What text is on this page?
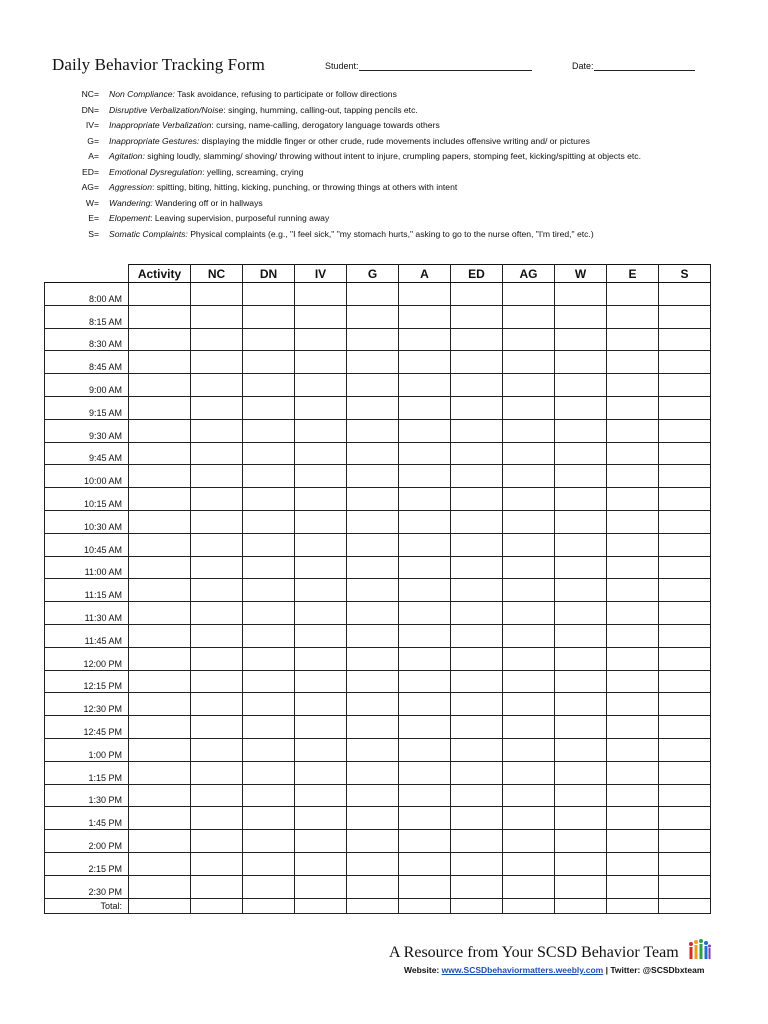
Daily Behavior Tracking Form	Student:	Date:
NC=	Non Compliance: Task avoidance, refusing to participate or follow directions
DN=	Disruptive Verbalization/Noise: singing, humming, calling-out, tapping pencils etc.
IV=	Inappropriate Verbalization: cursing, name-calling, derogatory language towards others
G=	Inappropriate Gestures: displaying the middle finger or other crude, rude movements includes offensive writing and/ or pictures
A=	Agitation: sighing loudly, slamming/ shoving/ throwing without intent to injure, crumpling papers, stomping feet, kicking/spitting at objects etc.
ED=	Emotional Dysregulation: yelling, screaming, crying
AG=	Aggression: spitting, biting, hitting, kicking, punching, or throwing things at others with intent
W=	Wandering: Wandering off or in hallways
E=	Elopement: Leaving supervision, purposeful running away
S=	Somatic Complaints: Physical complaints (e.g., "I feel sick," "my stomach hurts," asking to go to the nurse often, "I'm tired," etc.)
	Activity	NC	DN	IV	G	A	ED	AG	W	E	S
8:00 AM											
8:15 AM											
8:30 AM											
8:45 AM											
9:00 AM											
9:15 AM											
9:30 AM											
9:45 AM											
10:00 AM											
10:15 AM											
10:30 AM											
10:45 AM											
11:00 AM											
11:15 AM											
11:30 AM											
11:45 AM											
12:00 PM											
12:15 PM											
12:30 PM											
12:45 PM											
1:00 PM											
1:15 PM											
1:30 PM											
1:45 PM											
2:00 PM											
2:15 PM											
2:30 PM											
Total:											
A Resource from Your SCSD Behavior Team
Website: www.SCSDbehaviormatters.weebly.com | Twitter: @SCSDbxteam
